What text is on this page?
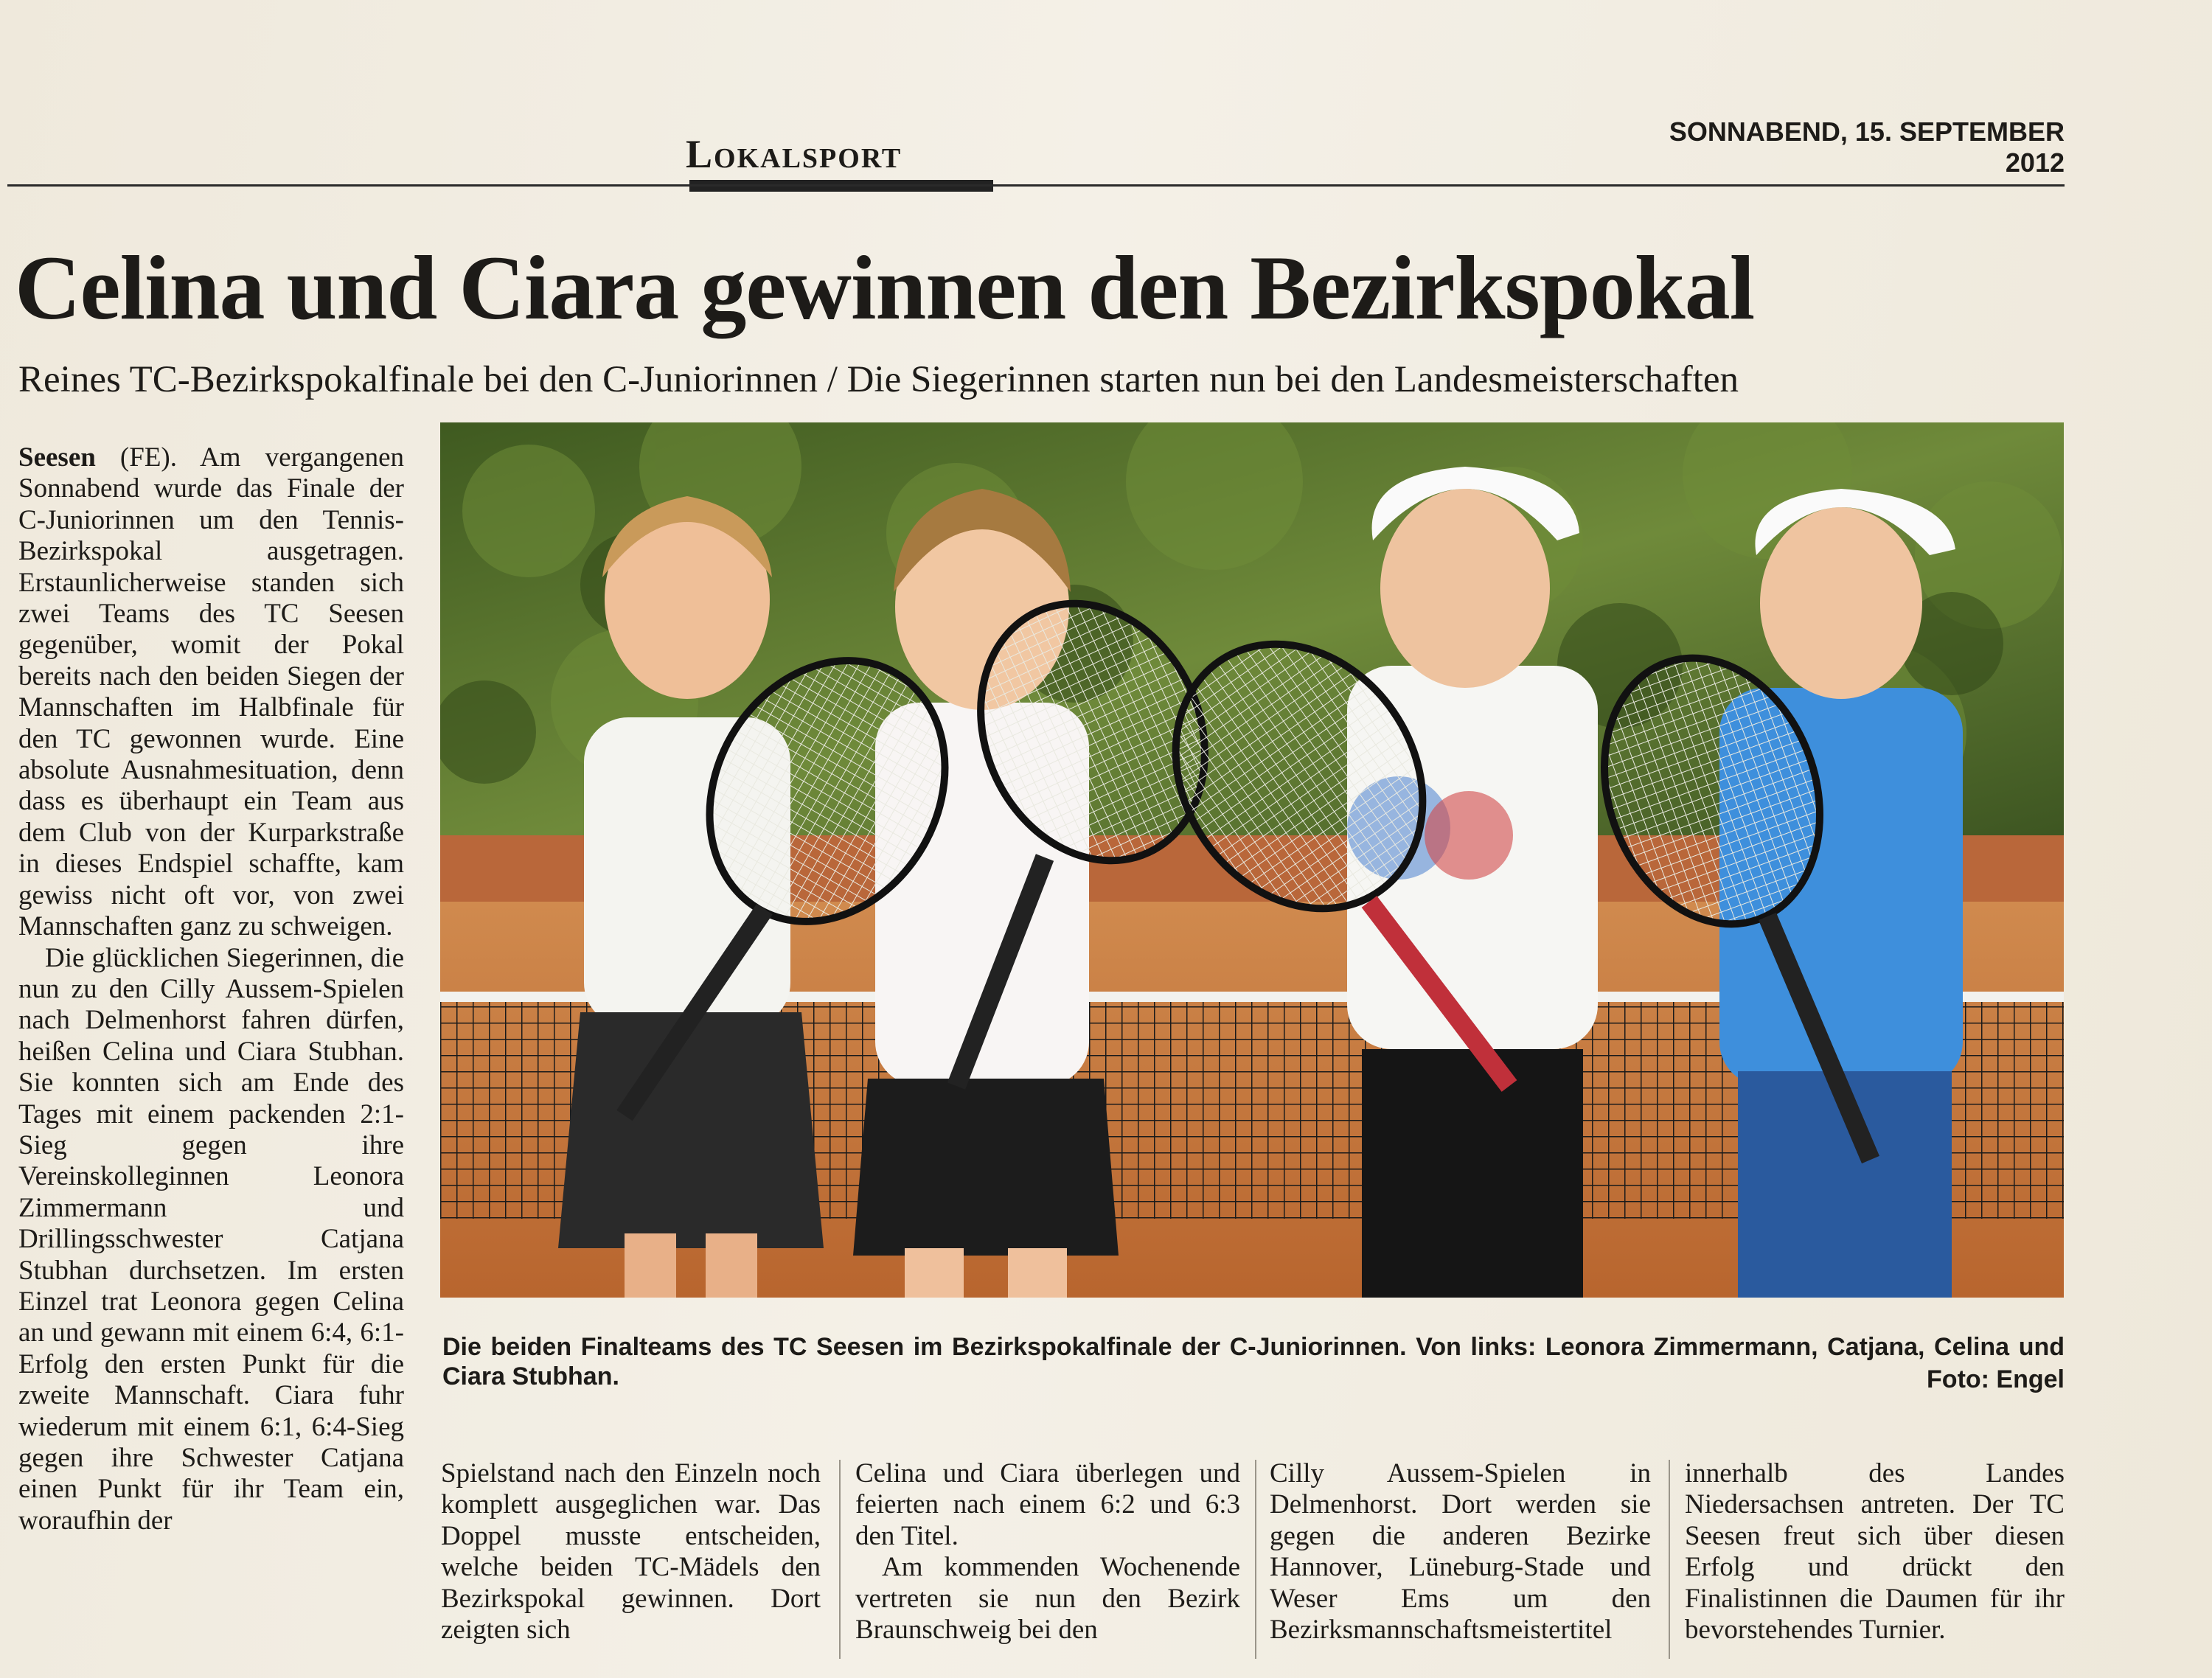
Lokalsport
SONNABEND, 15. SEPTEMBER 2012
Celina und Ciara gewinnen den Bezirkspokal
Reines TC-Bezirkspokalfinale bei den C-Juniorinnen / Die Siegerinnen starten nun bei den Landesmeisterschaften

Seesen (FE). Am vergangenen Sonnabend wurde das Finale der C-Juniorinnen um den Tennis-Bezirkspokal ausgetragen. Erstaunlicherweise standen sich zwei Teams des TC Seesen gegenüber, womit der Pokal bereits nach den beiden Siegen der Mannschaften im Halbfinale für den TC gewonnen wurde. Eine absolute Ausnahmesituation, denn dass es überhaupt ein Team aus dem Club von der Kurparkstraße in dieses Endspiel schaffte, kam gewiss nicht oft vor, von zwei Mannschaften ganz zu schweigen.

Die glücklichen Siegerinnen, die nun zu den Cilly Aussem-Spielen nach Delmenhorst fahren dürfen, heißen Celina und Ciara Stubhan. Sie konnten sich am Ende des Tages mit einem packenden 2:1-Sieg gegen ihre Vereinskolleginnen Leonora Zimmermann und Drillingsschwester Catjana Stubhan durchsetzen. Im ersten Einzel trat Leonora gegen Celina an und gewann mit einem 6:4, 6:1-Erfolg den ersten Punkt für die zweite Mannschaft. Ciara fuhr wiederum mit einem 6:1, 6:4-Sieg gegen ihre Schwester Catjana einen Punkt für ihr Team ein, woraufhin der

Die beiden Finalteams des TC Seesen im Bezirkspokalfinale der C-Juniorinnen. Von links: Leonora Zimmermann, Catjana, Celina und Ciara Stubhan.	Foto: Engel

Spielstand nach den Einzeln noch komplett ausgeglichen war. Das Doppel musste entscheiden, welche beiden TC-Mädels den Bezirkspokal gewinnen. Dort zeigten sich

Celina und Ciara überlegen und feierten nach einem 6:2 und 6:3 den Titel.

Am kommenden Wochenende vertreten sie nun den Bezirk Braunschweig bei den

Cilly Aussem-Spielen in Delmenhorst. Dort werden sie gegen die anderen Bezirke Hannover, Lüneburg-Stade und Weser Ems um den Bezirksmannschaftsmeistertitel

innerhalb des Landes Niedersachsen antreten. Der TC Seesen freut sich über diesen Erfolg und drückt den Finalistinnen die Daumen für ihr bevorstehendes Turnier.
